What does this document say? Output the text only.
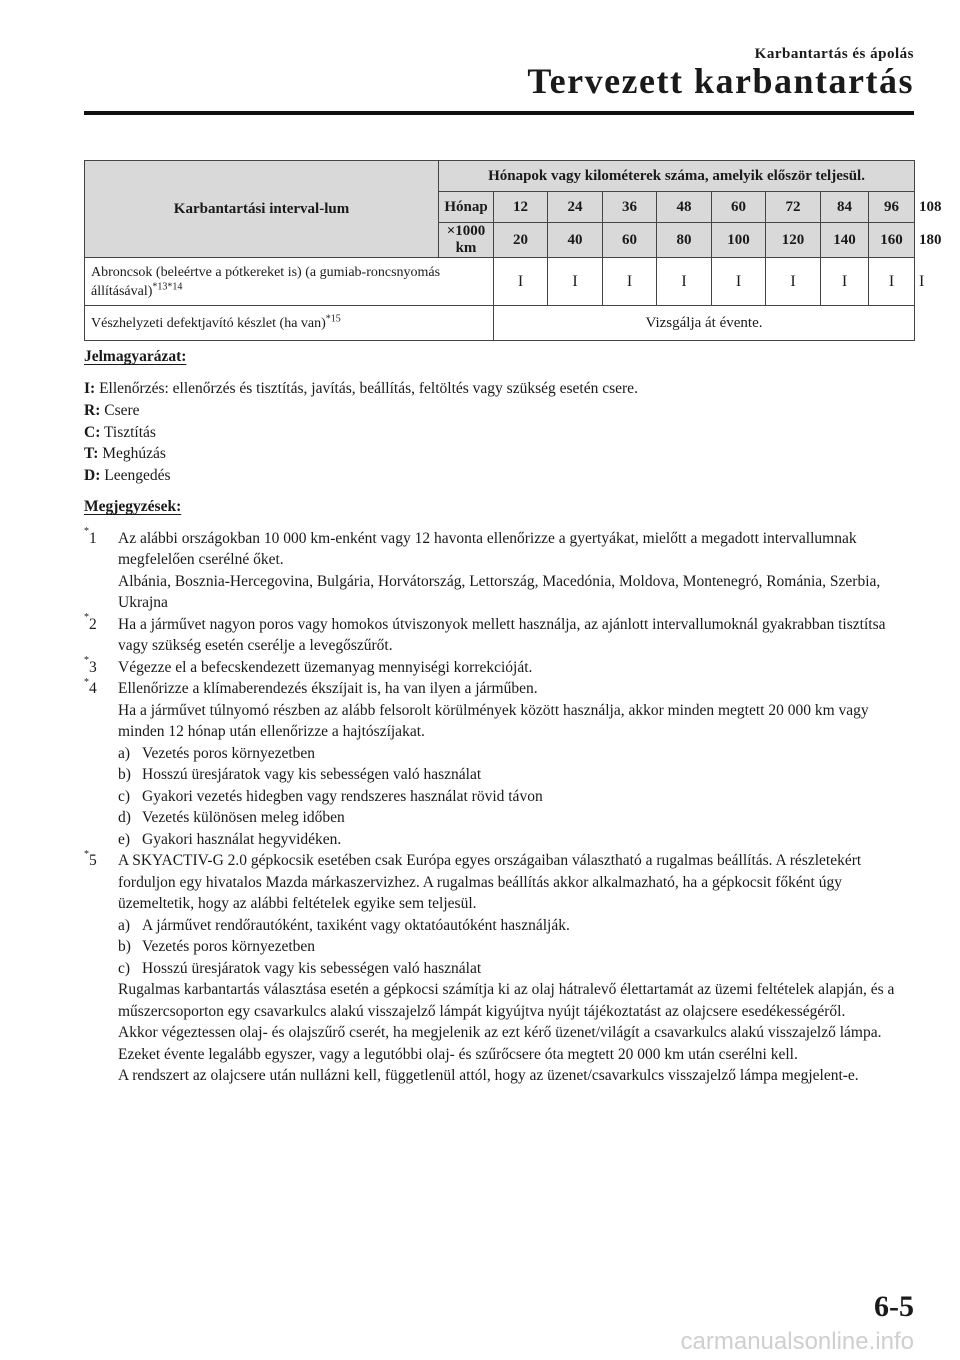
Karbantartás és ápolás
Tervezett karbantartás
Karbantartási interval-lum	Hónapok vagy kilométerek száma, amelyik először teljesül.									
	Hónap	12	24	36	48	60	72	84	96	108
	×1000 km	20	40	60	80	100	120	140	160	180
Abroncsok (beleértve a pótkereket is) (a gumiab-roncsnyomás állításával)$^{*13*14}$		I	I	I	I	I	I	I	I	I
Vészhelyzeti defektjavító készlet (ha van)$^{*15}$		Vizsgálja át évente.								
Jelmagyarázat:

I: Ellenőrzés: ellenőrzés és tisztítás, javítás, beállítás, feltöltés vagy szükség esetén csere.

R: Csere

C: Tisztítás

T: Meghúzás

D: Leengedés

Megjegyzések:
*1	Az alábbi országokban 10 000 km-enként vagy 12 havonta ellenőrizze a gyertyákat, mielőtt a megadott intervallumnak megfelelően cserélné őket.

Albánia, Bosznia-Hercegovina, Bulgária, Horvátország, Lettország, Macedónia, Moldova, Montenegró, Románia, Szerbia, Ukrajna

*2	Ha a járművet nagyon poros vagy homokos útviszonyok mellett használja, az ajánlott intervallumoknál gyakrabban tisztítsa vagy szükség esetén cserélje a levegőszűrőt.

*3	Végezze el a befecskendezett üzemanyag mennyiségi korrekcióját.

*4	Ellenőrizze a klímaberendezés ékszíjait is, ha van ilyen a járműben.

Ha a járművet túlnyomó részben az alább felsorolt körülmények között használja, akkor minden megtett 20 000 km vagy minden 12 hónap után ellenőrizze a hajtószíjakat.

a) Vezetés poros környezetben
b) Hosszú üresjáratok vagy kis sebességen való használat
c) Gyakori vezetés hidegben vagy rendszeres használat rövid távon
d) Vezetés különösen meleg időben
e) Gyakori használat hegyvidéken.
*5	A SKYACTIV-G 2.0 gépkocsik esetében csak Európa egyes országaiban választható a rugalmas beállítás. A részletekért forduljon egy hivatalos Mazda márkaszervizhez. A rugalmas beállítás akkor alkalmazható, ha a gépkocsit főként úgy üzemeltetik, hogy az alábbi feltételek egyike sem teljesül.

a) A járművet rendőrautóként, taxiként vagy oktatóautóként használják.
b) Vezetés poros környezetben
c) Hosszú üresjáratok vagy kis sebességen való használat

Rugalmas karbantartás választása esetén a gépkocsi számítja ki az olaj hátralevő élettartamát az üzemi feltételek alapján, és a műszercsoporton egy csavarkulcs alakú visszajelző lámpát kigyújtva nyújt tájékoztatást az olajcsere esedékességéről.

Akkor végeztessen olaj- és olajszűrő cserét, ha megjelenik az ezt kérő üzenet/világít a csavarkulcs alakú visszajelző lámpa. Ezeket évente legalább egyszer, vagy a legutóbbi olaj- és szűrőcsere óta megtett 20 000 km után cserélni kell.

A rendszert az olajcsere után nullázni kell, függetlenül attól, hogy az üzenet/csavarkulcs visszajelző lámpa megjelent-e.

6-5
carmanualsonline.info
